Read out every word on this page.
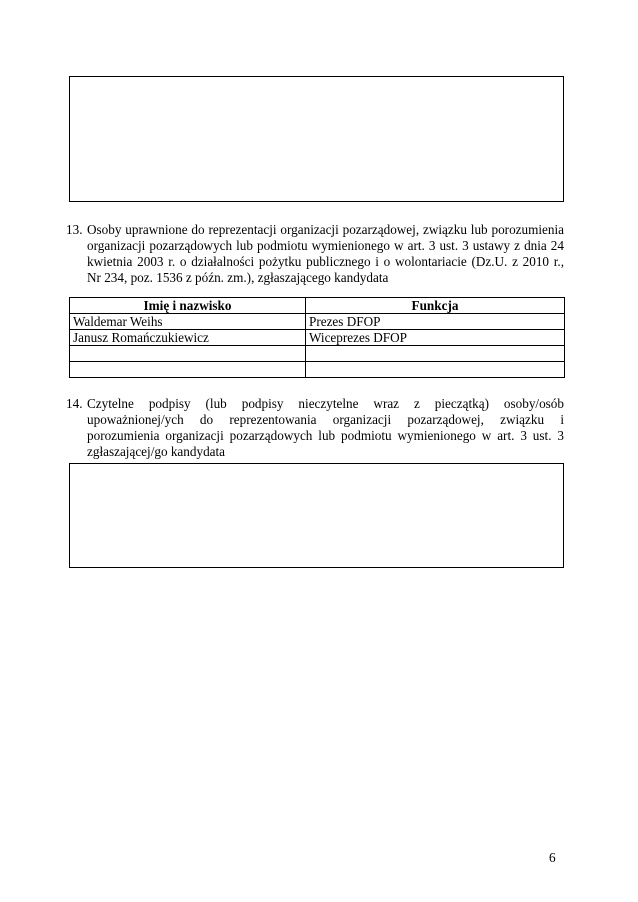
13. Osoby uprawnione do reprezentacji organizacji pozarządowej, związku lub porozumienia
organizacji pozarządowych lub podmiotu wymienionego w art. 3 ust. 3 ustawy z dnia 24
kwietnia 2003 r. o działalności pożytku publicznego i o wolontariacie (Dz.U. z 2010 r.,
Nr 234, poz. 1536 z późn. zm.), zgłaszającego kandydata
Imię i nazwisko	Funkcja
Waldemar Weihs	Prezes DFOP
Janusz Romańczukiewicz	Wiceprezes DFOP

14. Czytelne podpisy (lub podpisy nieczytelne wraz z pieczątką) osoby/osób
upoważnionej/ych do reprezentowania organizacji pozarządowej, związku i
porozumienia organizacji pozarządowych lub podmiotu wymienionego w art. 3 ust. 3
zgłaszającej/go kandydata
6
